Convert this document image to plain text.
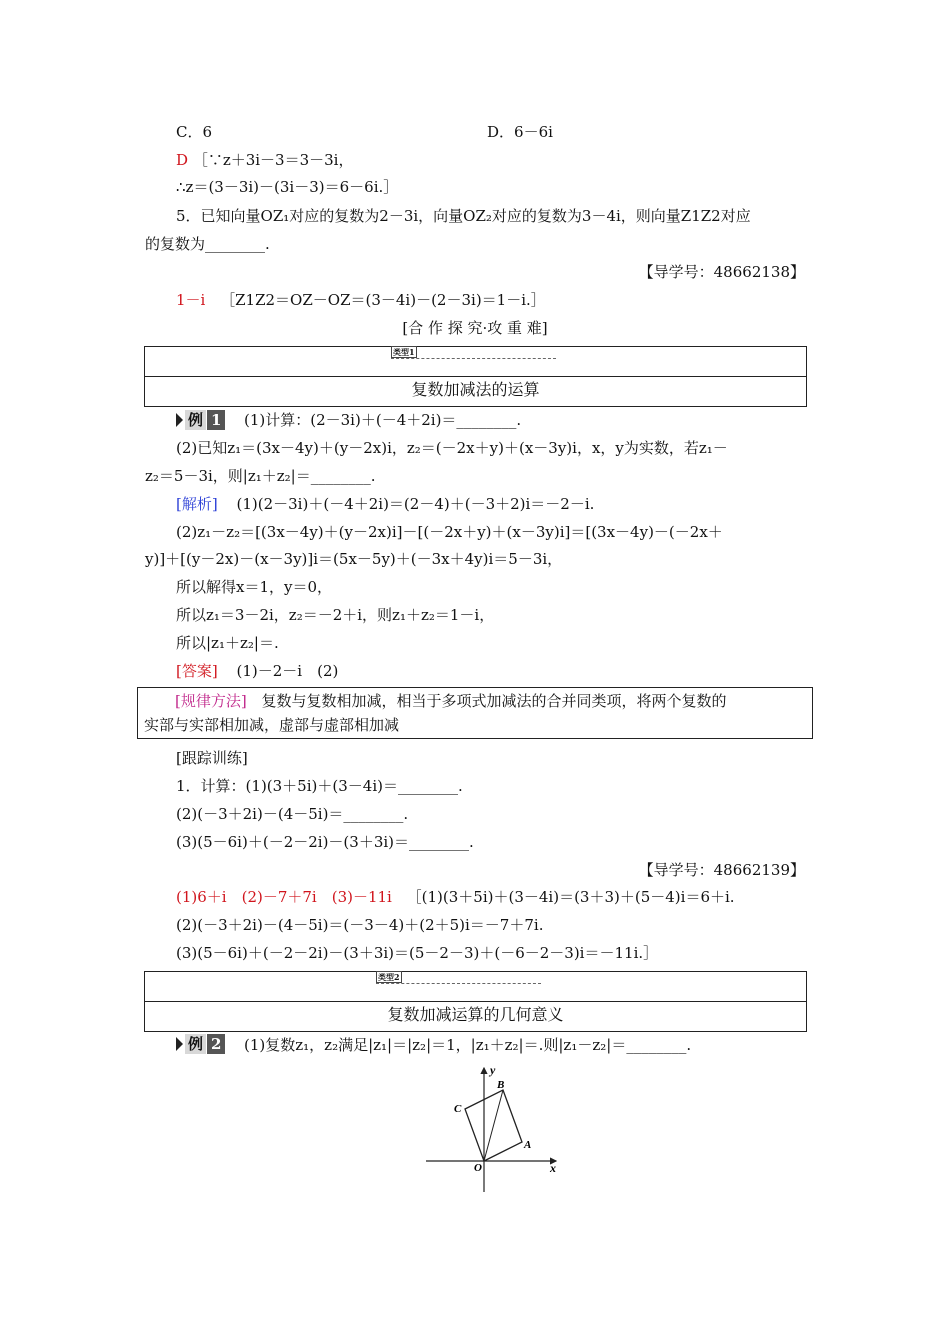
C．6	D．6－6i
D ［∵z＋3i－3＝3－3i，
∴z＝(3－3i)－(3i－3)＝6－6i.］
5．已知向量OZ₁对应的复数为2－3i，向量OZ₂对应的复数为3－4i，则向量Z1Z2对应
的复数为________.
【导学号：48662138】
1－i ［Z1Z2＝OZ－OZ＝(3－4i)－(2－3i)＝1－i.］
[合 作 探 究·攻 重 难]
类型1
复数加减法的运算
例 1 (1)计算：(2－3i)＋(－4＋2i)＝________.
(2)已知z₁＝(3x－4y)＋(y－2x)i，z₂＝(－2x＋y)＋(x－3y)i，x，y为实数，若z₁－
z₂＝5－3i，则|z₁＋z₂|＝________.
[解析] (1)(2－3i)＋(－4＋2i)＝(2－4)＋(－3＋2)i＝－2－i.
(2)z₁－z₂＝[(3x－4y)＋(y－2x)i]－[(－2x＋y)＋(x－3y)i]＝[(3x－4y)－(－2x＋
y)]＋[(y－2x)－(x－3y)]i＝(5x－5y)＋(－3x＋4y)i＝5－3i，
所以解得x＝1，y＝0，
所以z₁＝3－2i，z₂＝－2＋i，则z₁＋z₂＝1－i，
所以|z₁＋z₂|＝.
[答案] (1)－2－i　(2)
[规律方法] 复数与复数相加减，相当于多项式加减法的合并同类项，将两个复数的
实部与实部相加减，虚部与虚部相加减
[跟踪训练]
1．计算：(1)(3＋5i)＋(3－4i)＝________.
(2)(－3＋2i)－(4－5i)＝________.
(3)(5－6i)＋(－2－2i)－(3＋3i)＝________.
【导学号：48662139】
(1)6＋i　(2)－7＋7i　(3)－11i ［(1)(3＋5i)＋(3－4i)＝(3＋3)＋(5－4)i＝6＋i.
(2)(－3＋2i)－(4－5i)＝(－3－4)＋(2＋5)i＝－7＋7i.
(3)(5－6i)＋(－2－2i)－(3＋3i)＝(5－2－3)＋(－6－2－3)i＝－11i.］
类型2
复数加减运算的几何意义
例 2 (1)复数z₁，z₂满足|z₁|＝|z₂|＝1，|z₁＋z₂|＝.则|z₁－z₂|＝________.
y
x
O
A
B
C
